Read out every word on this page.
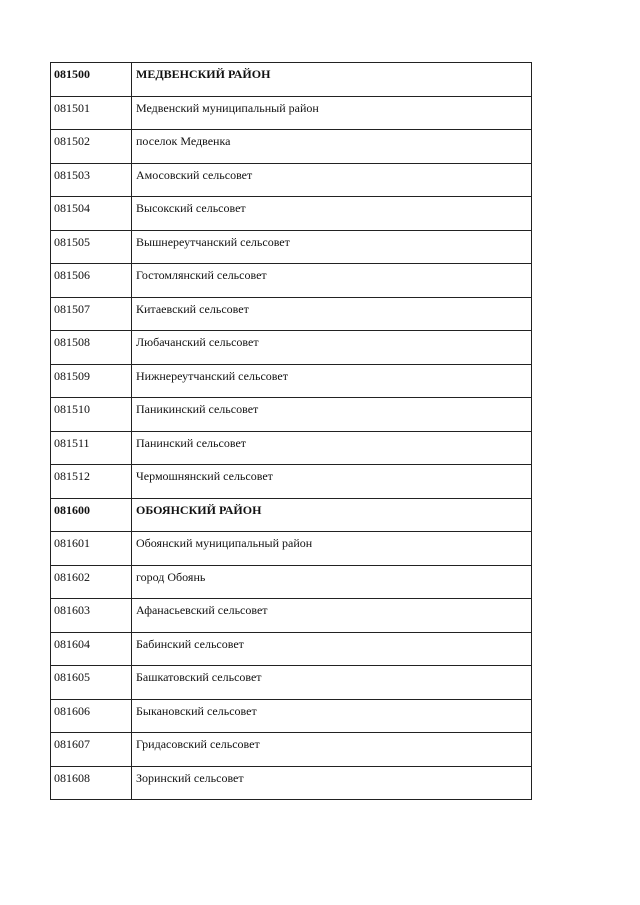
081500	МЕДВЕНСКИЙ РАЙОН
081501	Медвенский муниципальный район
081502	поселок Медвенка
081503	Амосовский сельсовет
081504	Высокский сельсовет
081505	Вышнереутчанский сельсовет
081506	Гостомлянский сельсовет
081507	Китаевский сельсовет
081508	Любачанский сельсовет
081509	Нижнереутчанский сельсовет
081510	Паникинский сельсовет
081511	Панинский сельсовет
081512	Чермошнянский сельсовет
081600	ОБОЯНСКИЙ РАЙОН
081601	Обоянский муниципальный район
081602	город Обоянь
081603	Афанасьевский сельсовет
081604	Бабинский сельсовет
081605	Башкатовский сельсовет
081606	Быкановский сельсовет
081607	Гридасовский сельсовет
081608	Зоринский сельсовет
